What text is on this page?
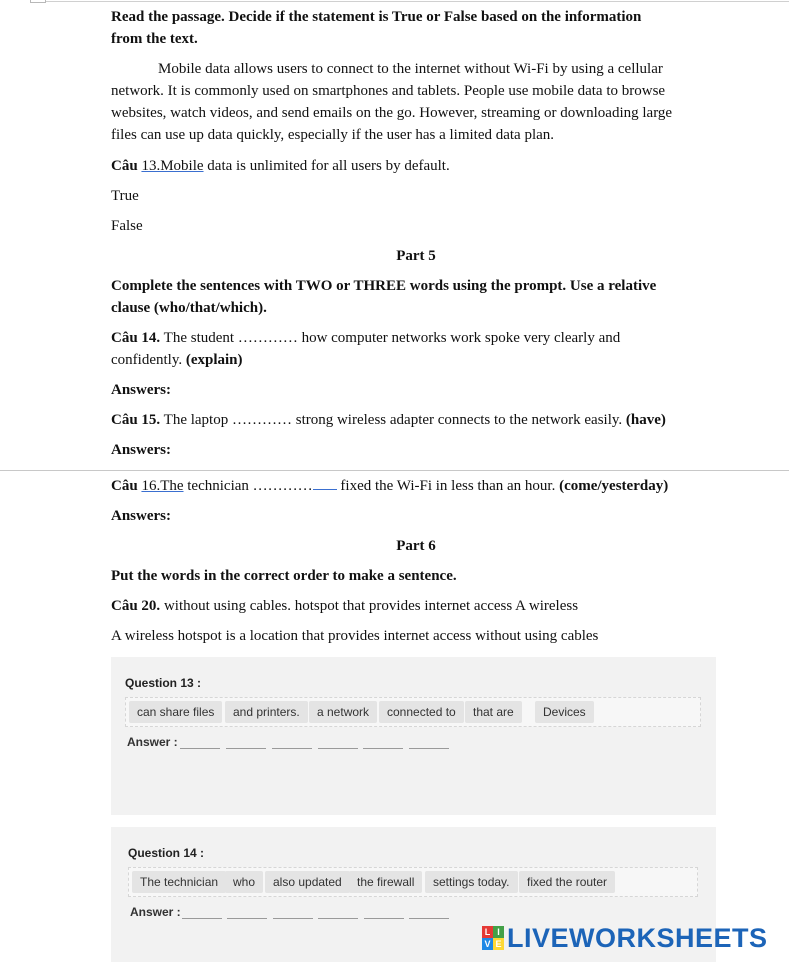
Read the passage. Decide if the statement is True or False based on the information
from the text.
Mobile data allows users to connect to the internet without Wi-Fi by using a cellular
network. It is commonly used on smartphones and tablets. People use mobile data to browse
websites, watch videos, and send emails on the go. However, streaming or downloading large
files can use up data quickly, especially if the user has a limited data plan.
Câu 13.Mobile data is unlimited for all users by default.
True
False
Part 5
Complete the sentences with TWO or THREE words using the prompt. Use a relative
clause (who/that/which).
Câu 14. The student ………… how computer networks work spoke very clearly and
confidently. (explain)
Answers:
Câu 15. The laptop ………… strong wireless adapter connects to the network easily. (have)
Answers:
Câu 16.The technician ………… fixed the Wi-Fi in less than an hour. (come/yesterday)
Answers:
Part 6
Put the words in the correct order to make a sentence.
Câu 20. without using cables. hotspot that provides internet access A wireless
A wireless hotspot is a location that provides internet access without using cables
Question 13 :
can share files	and printers.	a network	connected to	that are	Devices
Answer :
Question 14 :
The technician	who	also updated	the firewall	settings today.	fixed the router
Answer :
L I
V E LIVEWORKSHEETS
